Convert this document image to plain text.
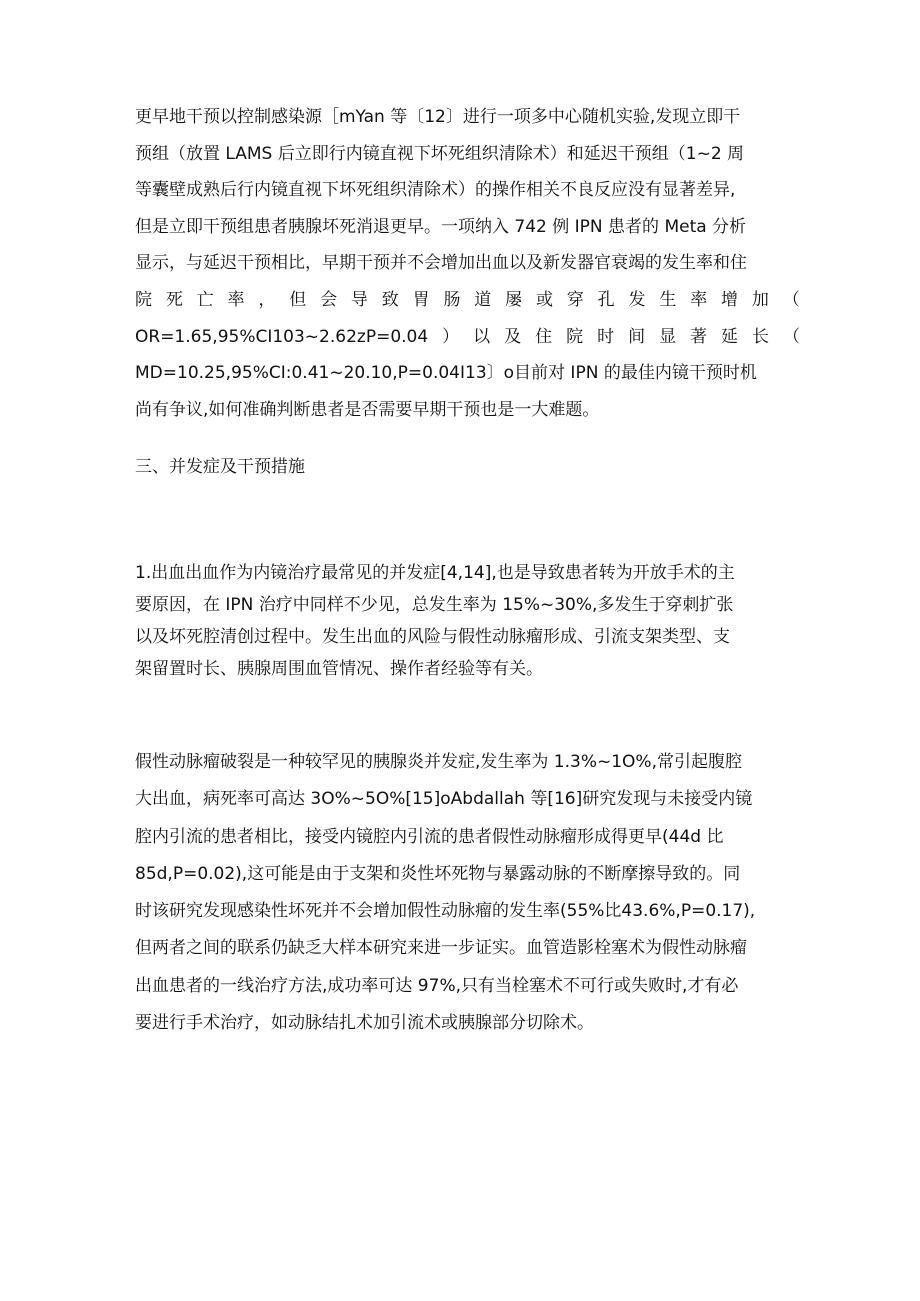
更早地干预以控制感染源［mYan 等〔12〕进行一项多中心随机实验,发现立即干
预组（放置 LAMS 后立即行内镜直视下坏死组织清除术）和延迟干预组（1~2 周
等囊壁成熟后行内镜直视下坏死组织清除术）的操作相关不良反应没有显著差异,
但是立即干预组患者胰腺坏死消退更早。一项纳入 742 例 IPN 患者的 Meta 分析
显示，与延迟干预相比，早期干预并不会增加出血以及新发器官衰竭的发生率和住
院 死 亡 率 ， 但 会 导 致 胃 肠 道 屡 或 穿 孔 发 生 率 增 加 （
OR=1.65,95%CI103~2.62zP=0.04 ） 以 及 住 院 时 间 显 著 延 长 （
MD=10.25,95%CI:0.41~20.10,P=0.04I13〕o目前对 IPN 的最佳内镜干预时机
尚有争议,如何准确判断患者是否需要早期干预也是一大难题。
三、并发症及干预措施
1.出血出血作为内镜治疗最常见的并发症[4,14],也是导致患者转为开放手术的主
要原因，在 IPN 治疗中同样不少见，总发生率为 15%~30%,多发生于穿刺扩张
以及坏死腔清创过程中。发生出血的风险与假性动脉瘤形成、引流支架类型、支
架留置时长、胰腺周围血管情况、操作者经验等有关。
假性动脉瘤破裂是一种较罕见的胰腺炎并发症,发生率为 1.3%~1O%,常引起腹腔
大出血，病死率可高达 3O%~5O%[15]oAbdallah 等[16]研究发现与未接受内镜
腔内引流的患者相比，接受内镜腔内引流的患者假性动脉瘤形成得更早(44d 比
85d,P=0.02),这可能是由于支架和炎性坏死物与暴露动脉的不断摩擦导致的。同
时该研究发现感染性坏死并不会增加假性动脉瘤的发生率(55%比43.6%,P=0.17),
但两者之间的联系仍缺乏大样本研究来进一步证实。血管造影栓塞术为假性动脉瘤
出血患者的一线治疗方法,成功率可达 97%,只有当栓塞术不可行或失败时,才有必
要进行手术治疗，如动脉结扎术加引流术或胰腺部分切除术。
